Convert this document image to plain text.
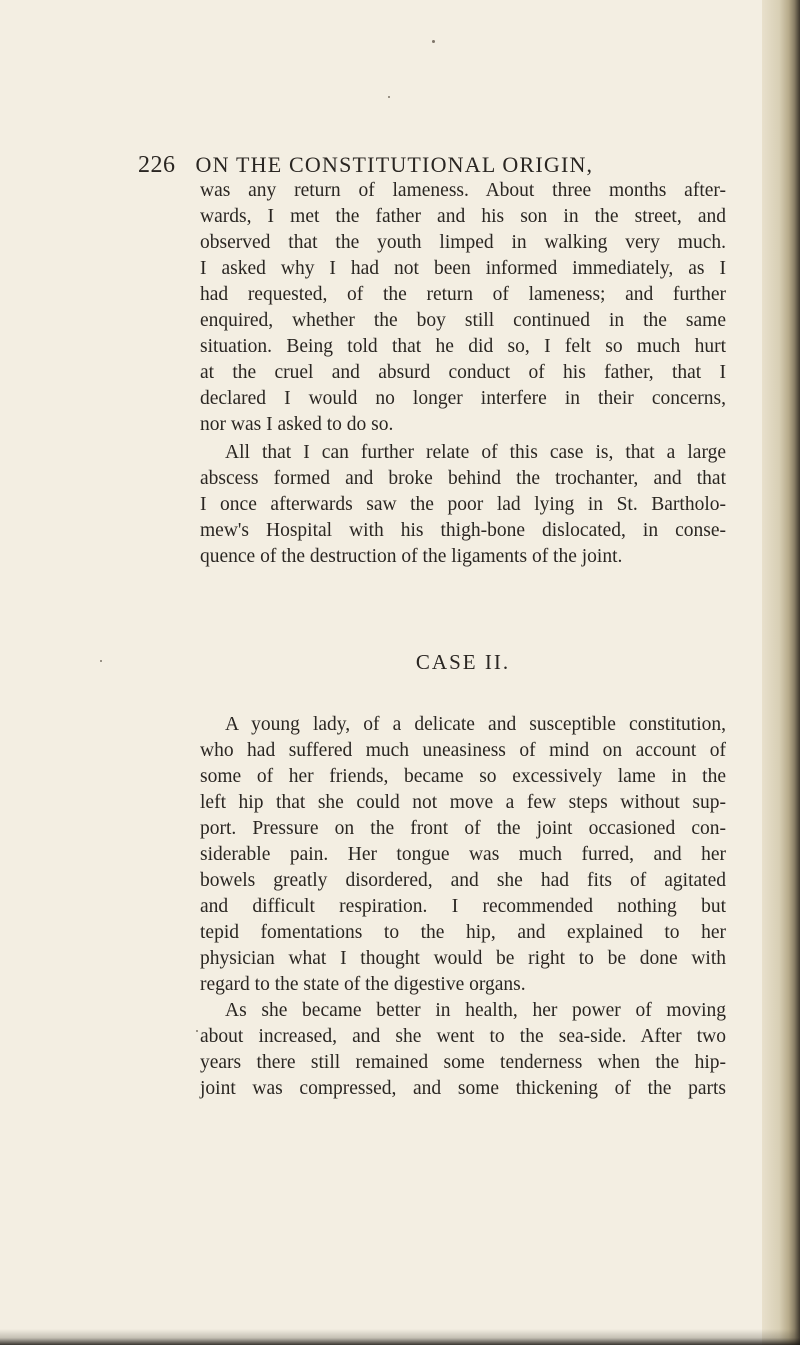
226 ON THE CONSTITUTIONAL ORIGIN,
was any return of lameness. About three months after-
wards, I met the father and his son in the street, and
observed that the youth limped in walking very much.
I asked why I had not been informed immediately, as I
had requested, of the return of lameness; and further
enquired, whether the boy still continued in the same
situation. Being told that he did so, I felt so much hurt
at the cruel and absurd conduct of his father, that I
declared I would no longer interfere in their concerns,
nor was I asked to do so.
All that I can further relate of this case is, that a large
abscess formed and broke behind the trochanter, and that
I once afterwards saw the poor lad lying in St. Bartholo-
mew's Hospital with his thigh-bone dislocated, in conse-
quence of the destruction of the ligaments of the joint.
CASE II.
A young lady, of a delicate and susceptible constitution,
who had suffered much uneasiness of mind on account of
some of her friends, became so excessively lame in the
left hip that she could not move a few steps without sup-
port. Pressure on the front of the joint occasioned con-
siderable pain. Her tongue was much furred, and her
bowels greatly disordered, and she had fits of agitated
and difficult respiration. I recommended nothing but
tepid fomentations to the hip, and explained to her
physician what I thought would be right to be done with
regard to the state of the digestive organs.
As she became better in health, her power of moving
about increased, and she went to the sea-side. After two
years there still remained some tenderness when the hip-
joint was compressed, and some thickening of the parts
